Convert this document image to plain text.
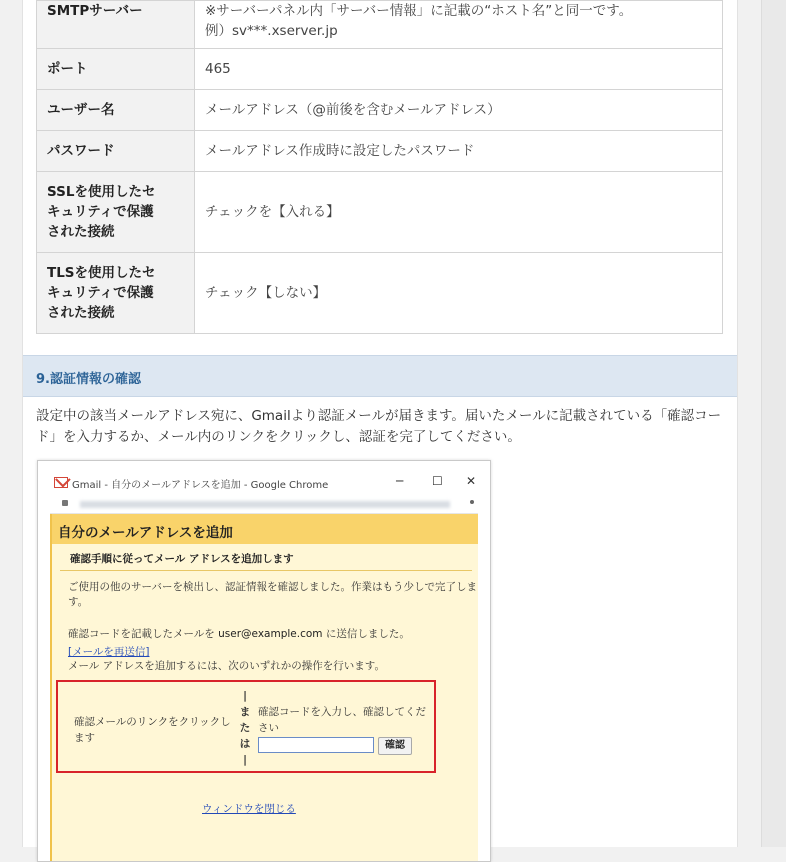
SMTPサーバー	※サーバーパネル内「サーバー情報」に記載の“ホスト名”と同一です。
例）sv***.xserver.jp

ポート	465
ユーザー名	メールアドレス（@前後を含むメールアドレス）
パスワード	メールアドレス作成時に設定したパスワード

SSLを使用したセ
キュリティで保護
された接続	チェックを【入れる】

TLSを使用したセ
キュリティで保護
された接続	チェック【しない】
9.認証情報の確認
設定中の該当メールアドレス宛に、Gmailより認証メールが届きます。届いたメールに記載されている「確認コー
ド」を入力するか、メール内のリンクをクリックし、認証を完了してください。
Gmail - 自分のメールアドレスを追加 - Google Chrome	─ ☐ ✕
自分のメールアドレスを追加
確認手順に従ってメール アドレスを追加します
ご使用の他のサーバーを検出し、認証情報を確認しました。作業はもう少しで完了しま
す。
確認コードを記載したメールを user@example.com に送信しました。
[メールを再送信]
メール アドレスを追加するには、次のいずれかの操作を行います。
確認メールのリンクをクリックし
ます
|
ま
た
は
|
確認コードを入力し、確認してくだ
さい
確認
ウィンドウを閉じる
